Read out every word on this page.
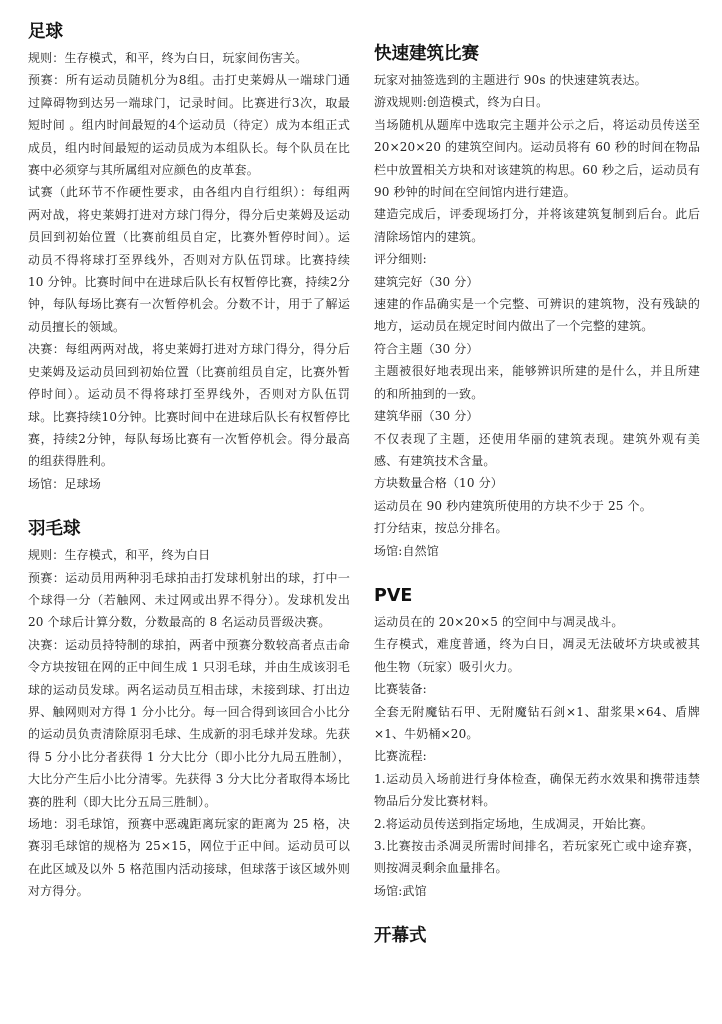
足球

规则：生存模式，和平，终为白日，玩家间伤害关。

预赛：所有运动员随机分为8组。击打史莱姆从一端球门通过障碍物到达另一端球门，记录时间。比赛进行3次，取最短时间 。组内时间最短的4个运动员（待定）成为本组正式成员，组内时间最短的运动员成为本组队长。每个队员在比赛中必须穿与其所属组对应颜色的皮革套。

试赛（此环节不作硬性要求，由各组内自行组织）：每组两两对战，将史莱姆打进对方球门得分，得分后史莱姆及运动员回到初始位置（比赛前组员自定，比赛外暂停时间）。运动员不得将球打至界线外，否则对方队伍罚球。比赛持续 10 分钟。比赛时间中在进球后队长有权暂停比赛，持续2分钟，每队每场比赛有一次暂停机会。分数不计，用于了解运动员擅长的领域。

决赛：每组两两对战，将史莱姆打进对方球门得分，得分后史莱姆及运动员回到初始位置（比赛前组员自定，比赛外暂停时间）。运动员不得将球打至界线外，否则对方队伍罚球。比赛持续10分钟。比赛时间中在进球后队长有权暂停比赛，持续2分钟，每队每场比赛有一次暂停机会。得分最高的组获得胜利。

场馆：足球场

羽毛球

规则：生存模式，和平，终为白日

预赛：运动员用两种羽毛球拍击打发球机射出的球，打中一个球得一分（若触网、未过网或出界不得分）。发球机发出 20 个球后计算分数，分数最高的 8 名运动员晋级决赛。

决赛：运动员持特制的球拍，两者中预赛分数较高者点击命令方块按钮在网的正中间生成 1 只羽毛球，并由生成该羽毛球的运动员发球。两名运动员互相击球，未接到球、打出边界、触网则对方得 1 分小比分。每一回合得到该回合小比分的运动员负责清除原羽毛球、生成新的羽毛球并发球。先获得 5 分小比分者获得 1 分大比分（即小比分九局五胜制），大比分产生后小比分清零。先获得 3 分大比分者取得本场比赛的胜利（即大比分五局三胜制）。

场地：羽毛球馆，预赛中恶魂距离玩家的距离为 25 格，决赛羽毛球馆的规格为 25×15，网位于正中间。运动员可以在此区域及以外 5 格范围内活动接球，但球落于该区域外则对方得分。

快速建筑比赛

玩家对抽签选到的主题进行 90s 的快速建筑表达。

游戏规则:创造模式，终为白日。

当场随机从题库中选取完主题并公示之后，将运动员传送至 20×20×20 的建筑空间内。运动员将有 60 秒的时间在物品栏中放置相关方块和对该建筑的构思。60 秒之后，运动员有 90 秒钟的时间在空间馆内进行建造。

建造完成后，评委现场打分，并将该建筑复制到后台。此后清除场馆内的建筑。

评分细则:

建筑完好（30 分）

速建的作品确实是一个完整、可辨识的建筑物，没有残缺的地方，运动员在规定时间内做出了一个完整的建筑。

符合主题（30 分）

主题被很好地表现出来，能够辨识所建的是什么，并且所建的和所抽到的一致。

建筑华丽（30 分）

不仅表现了主题，还使用华丽的建筑表现。建筑外观有美感、有建筑技术含量。

方块数量合格（10 分）

运动员在 90 秒内建筑所使用的方块不少于 25 个。

打分结束，按总分排名。

场馆:自然馆

PVE

运动员在的 20×20×5 的空间中与凋灵战斗。

生存模式，难度普通，终为白日，凋灵无法破坏方块或被其他生物（玩家）吸引火力。

比赛装备:

全套无附魔钻石甲、无附魔钻石剑×1、甜浆果×64、盾牌×1、牛奶桶×20。

比赛流程:

1.运动员入场前进行身体检查，确保无药水效果和携带违禁物品后分发比赛材料。

2.将运动员传送到指定场地，生成凋灵，开始比赛。

3.比赛按击杀凋灵所需时间排名，若玩家死亡或中途弃赛，则按凋灵剩余血量排名。

场馆:武馆

开幕式
